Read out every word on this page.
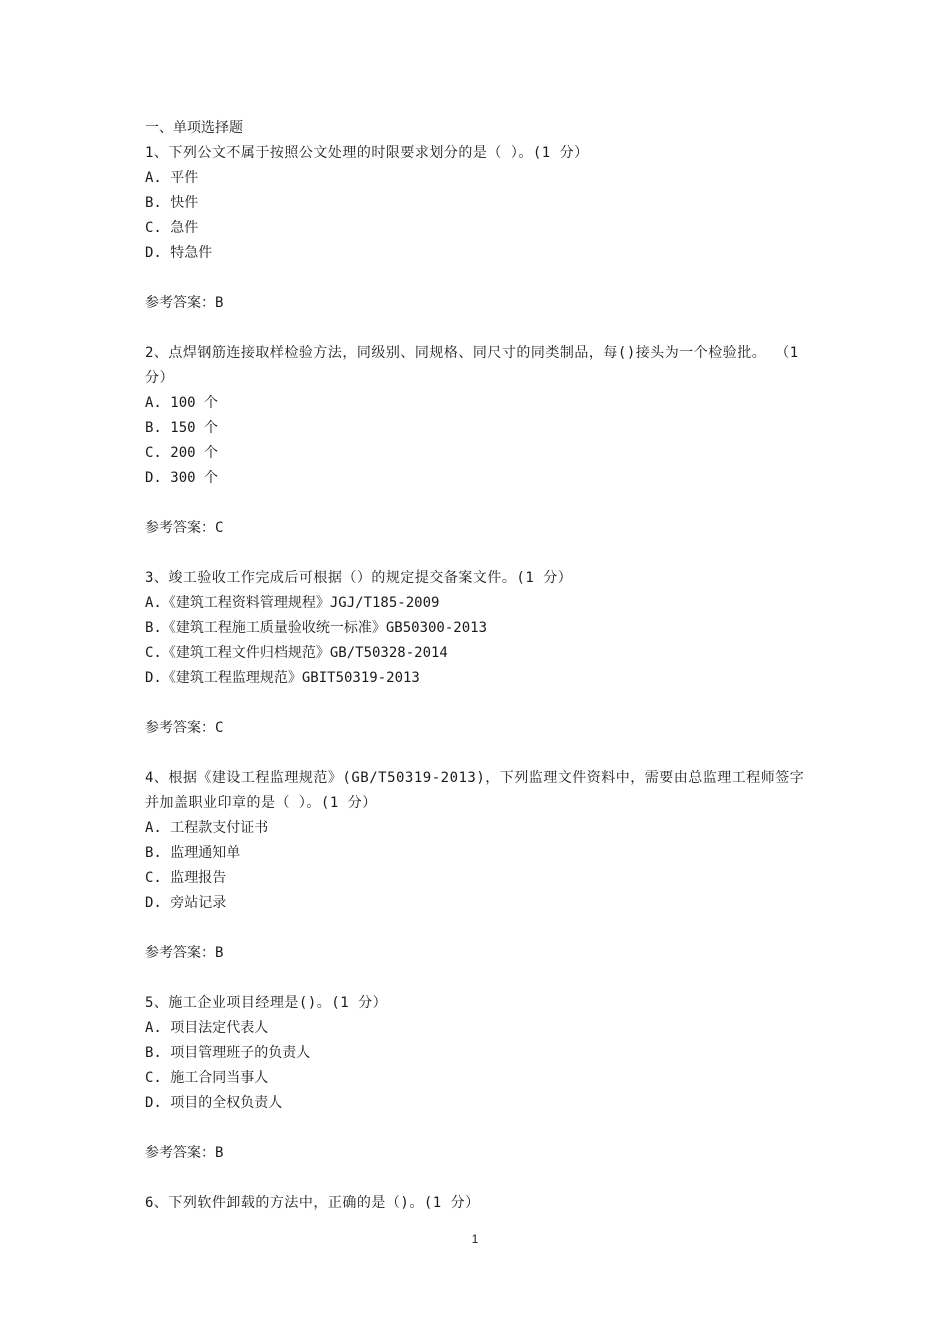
一、单项选择题
1、下列公文不属于按照公文处理的时限要求划分的是（ ）。(1 分）
A. 平件
B. 快件
C. 急件
D. 特急件
参考答案：B
2、点焊钢筋连接取样检验方法，同级别、同规格、同尺寸的同类制品，每()接头为一个检验批。 （1 分）
A. 100 个
B. 150 个
C. 200 个
D. 300 个
参考答案：C
3、竣工验收工作完成后可根据（）的规定提交备案文件。(1 分）
A.《建筑工程资料管理规程》JGJ/T185-2009
B.《建筑工程施工质量验收统一标准》GB50300-2013
C.《建筑工程文件归档规范》GB/T50328-2014
D.《建筑工程监理规范》GBIT50319-2013
参考答案：C
4、根据《建设工程监理规范》(GB/T50319-2013)，下列监理文件资料中，需要由总监理工程师签字并加盖职业印章的是（ ）。(1 分）
A. 工程款支付证书
B. 监理通知单
C. 监理报告
D. 旁站记录
参考答案：B
5、施工企业项目经理是()。(1 分）
A. 项目法定代表人
B. 项目管理班子的负责人
C. 施工合同当事人
D. 项目的全权负责人
参考答案：B
6、下列软件卸载的方法中，正确的是（)。(1 分）
1
